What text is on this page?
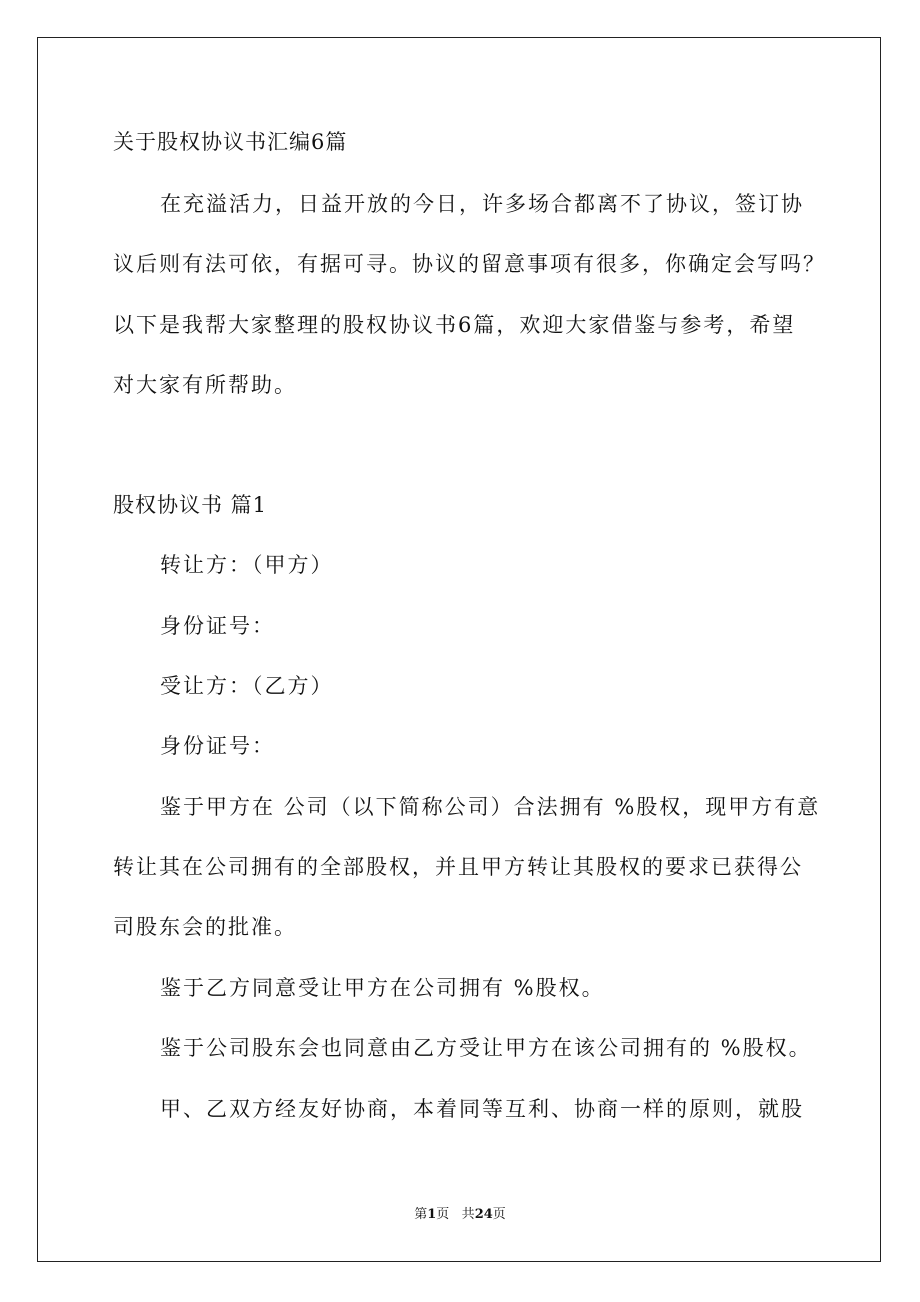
关于股权协议书汇编6篇
在充溢活力，日益开放的今日，许多场合都离不了协议，签订协
议后则有法可依，有据可寻。协议的留意事项有很多，你确定会写吗？
以下是我帮大家整理的股权协议书6篇，欢迎大家借鉴与参考，希望
对大家有所帮助。
股权协议书 篇1
转让方：（甲方）
身份证号：
受让方：（乙方）
身份证号：
鉴于甲方在 公司（以下简称公司）合法拥有 %股权，现甲方有意
转让其在公司拥有的全部股权，并且甲方转让其股权的要求已获得公
司股东会的批准。
鉴于乙方同意受让甲方在公司拥有 %股权。
鉴于公司股东会也同意由乙方受让甲方在该公司拥有的 %股权。
甲、乙双方经友好协商，本着同等互利、协商一样的原则，就股
第1页 共24页
